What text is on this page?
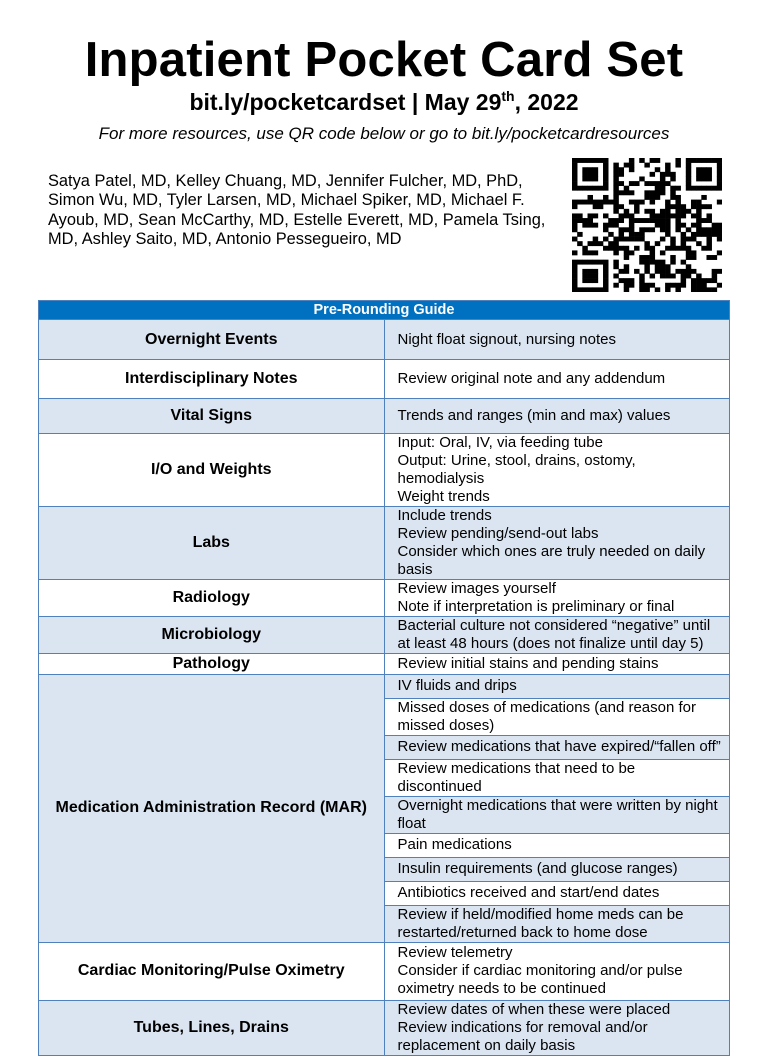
Inpatient Pocket Card Set
bit.ly/pocketcardset | May 29th, 2022
For more resources, use QR code below or go to bit.ly/pocketcardresources
Satya Patel, MD, Kelley Chuang, MD, Jennifer Fulcher, MD, PhD, Simon Wu, MD, Tyler Larsen, MD, Michael Spiker, MD, Michael F. Ayoub, MD, Sean McCarthy, MD, Estelle Everett, MD, Pamela Tsing, MD, Ashley Saito, MD, Antonio Pessegueiro, MD
Pre-Rounding Guide	
Overnight Events	Night float signout, nursing notes

Interdisciplinary Notes	Review original note and any addendum

Vital Signs	Trends and ranges (min and max) values

I/O and Weights	Input: Oral, IV, via feeding tube
Output: Urine, stool, drains, ostomy, hemodialysis
Weight trends

Labs	Include trends
Review pending/send-out labs
Consider which ones are truly needed on daily basis

Radiology	Review images yourself
Note if interpretation is preliminary or final

Microbiology	Bacterial culture not considered “negative” until at least 48 hours (does not finalize until day 5)

Pathology	Review initial stains and pending stains

Medication Administration Record (MAR)	IV fluids and drips

	Missed doses of medications (and reason for missed doses)

	Review medications that have expired/“fallen off”

	Review medications that need to be discontinued

	Overnight medications that were written by night float

	Pain medications

	Insulin requirements (and glucose ranges)

	Antibiotics received and start/end dates

	Review if held/modified home meds can be restarted/returned back to home dose

Cardiac Monitoring/Pulse Oximetry	Review telemetry
Consider if cardiac monitoring and/or pulse oximetry needs to be continued

Tubes, Lines, Drains	Review dates of when these were placed
Review indications for removal and/or replacement on daily basis
